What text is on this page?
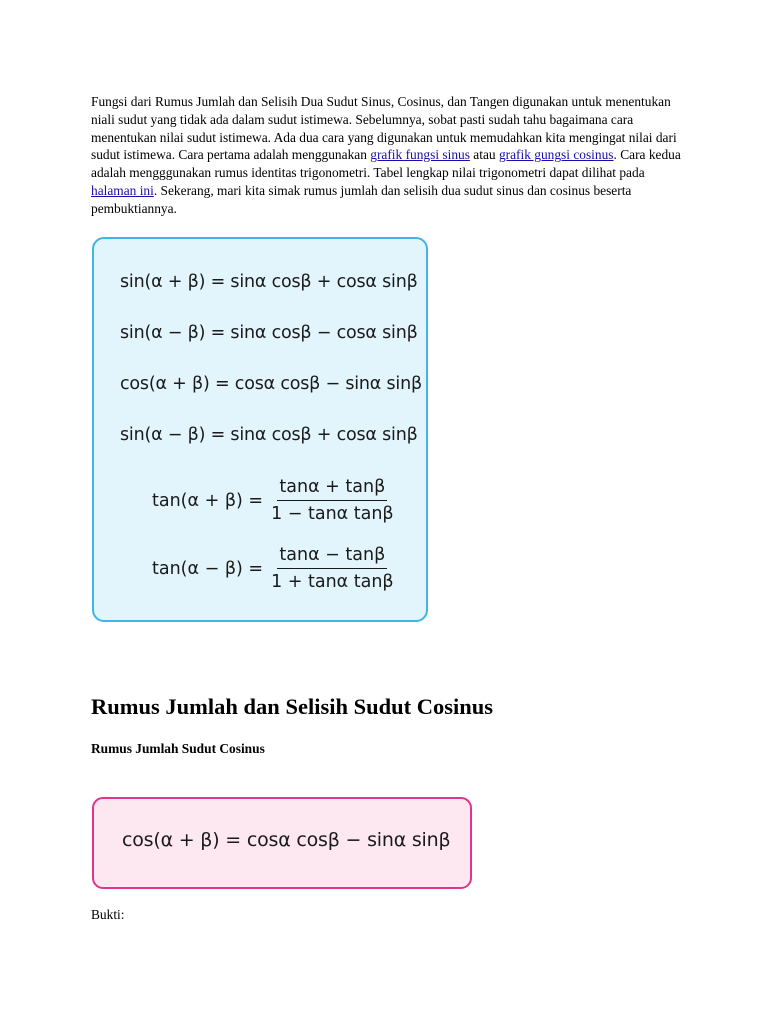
Fungsi dari Rumus Jumlah dan Selisih Dua Sudut Sinus, Cosinus, dan Tangen digunakan untuk menentukan niali sudut yang tidak ada dalam sudut istimewa. Sebelumnya, sobat pasti sudah tahu bagaimana cara menentukan nilai sudut istimewa. Ada dua cara yang digunakan untuk memudahkan kita mengingat nilai dari sudut istimewa. Cara pertama adalah menggunakan grafik fungsi sinus atau grafik gungsi cosinus. Cara kedua adalah mengggunakan rumus identitas trigonometri. Tabel lengkap nilai trigonometri dapat dilihat pada halaman ini. Sekerang, mari kita simak rumus jumlah dan selisih dua sudut sinus dan cosinus beserta pembuktiannya.

sin(α + β) = sinα cosβ + cosα sinβ
sin(α − β) = sinα cosβ − cosα sinβ
cos(α + β) = cosα cosβ − sinα sinβ
sin(α − β) = sinα cosβ + cosα sinβ
$\tan(\alpha + \beta) = \frac{\tan\alpha + \tan\beta}{\text{1 − tanα tanβ}}$
$\tan(\alpha - \beta) = \frac{\tan\alpha - \tan\beta}{\text{1 + tanα tanβ}}$
Rumus Jumlah dan Selisih Sudut Cosinus
Rumus Jumlah Sudut Cosinus
cos(α + β) = cosα cosβ − sinα sinβ

Bukti:
